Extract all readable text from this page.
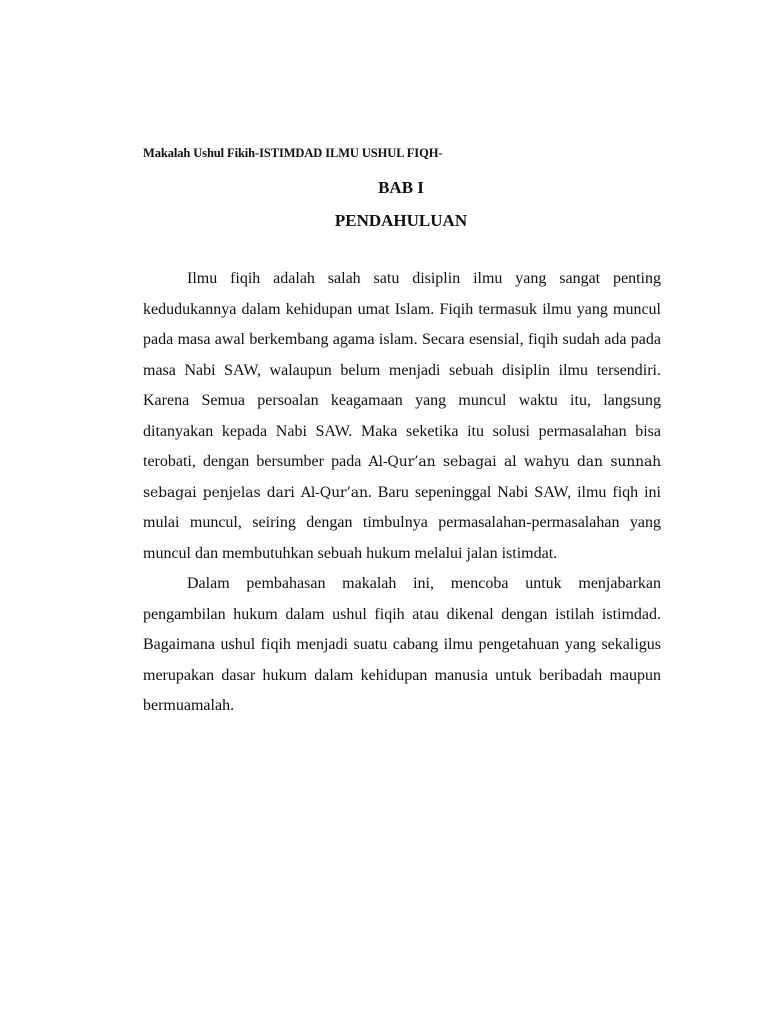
Makalah Ushul Fikih-ISTIMDAD ILMU USHUL FIQH-
BAB I
PENDAHULUAN

Ilmu fiqih adalah salah satu disiplin ilmu yang sangat penting kedudukannya dalam kehidupan umat Islam. Fiqih termasuk ilmu yang muncul pada masa awal berkembang agama islam. Secara esensial, fiqih sudah ada pada masa Nabi SAW, walaupun belum menjadi sebuah disiplin ilmu tersendiri. Karena Semua persoalan keagamaan yang muncul waktu itu, langsung ditanyakan kepada Nabi SAW. Maka seketika itu solusi permasalahan bisa terobati, dengan bersumber pada Al-Qur’an sebagai al wahyu dan sunnah sebagai penjelas dari Al-Qur’an. Baru sepeninggal Nabi SAW, ilmu fiqh ini mulai muncul, seiring dengan timbulnya permasalahan-permasalahan yang muncul dan membutuhkan sebuah hukum melalui jalan istimdat.

Dalam pembahasan makalah ini, mencoba untuk menjabarkan pengambilan hukum dalam ushul fiqih atau dikenal dengan istilah istimdad. Bagaimana ushul fiqih menjadi suatu cabang ilmu pengetahuan yang sekaligus merupakan dasar hukum dalam kehidupan manusia untuk beribadah maupun bermuamalah.
